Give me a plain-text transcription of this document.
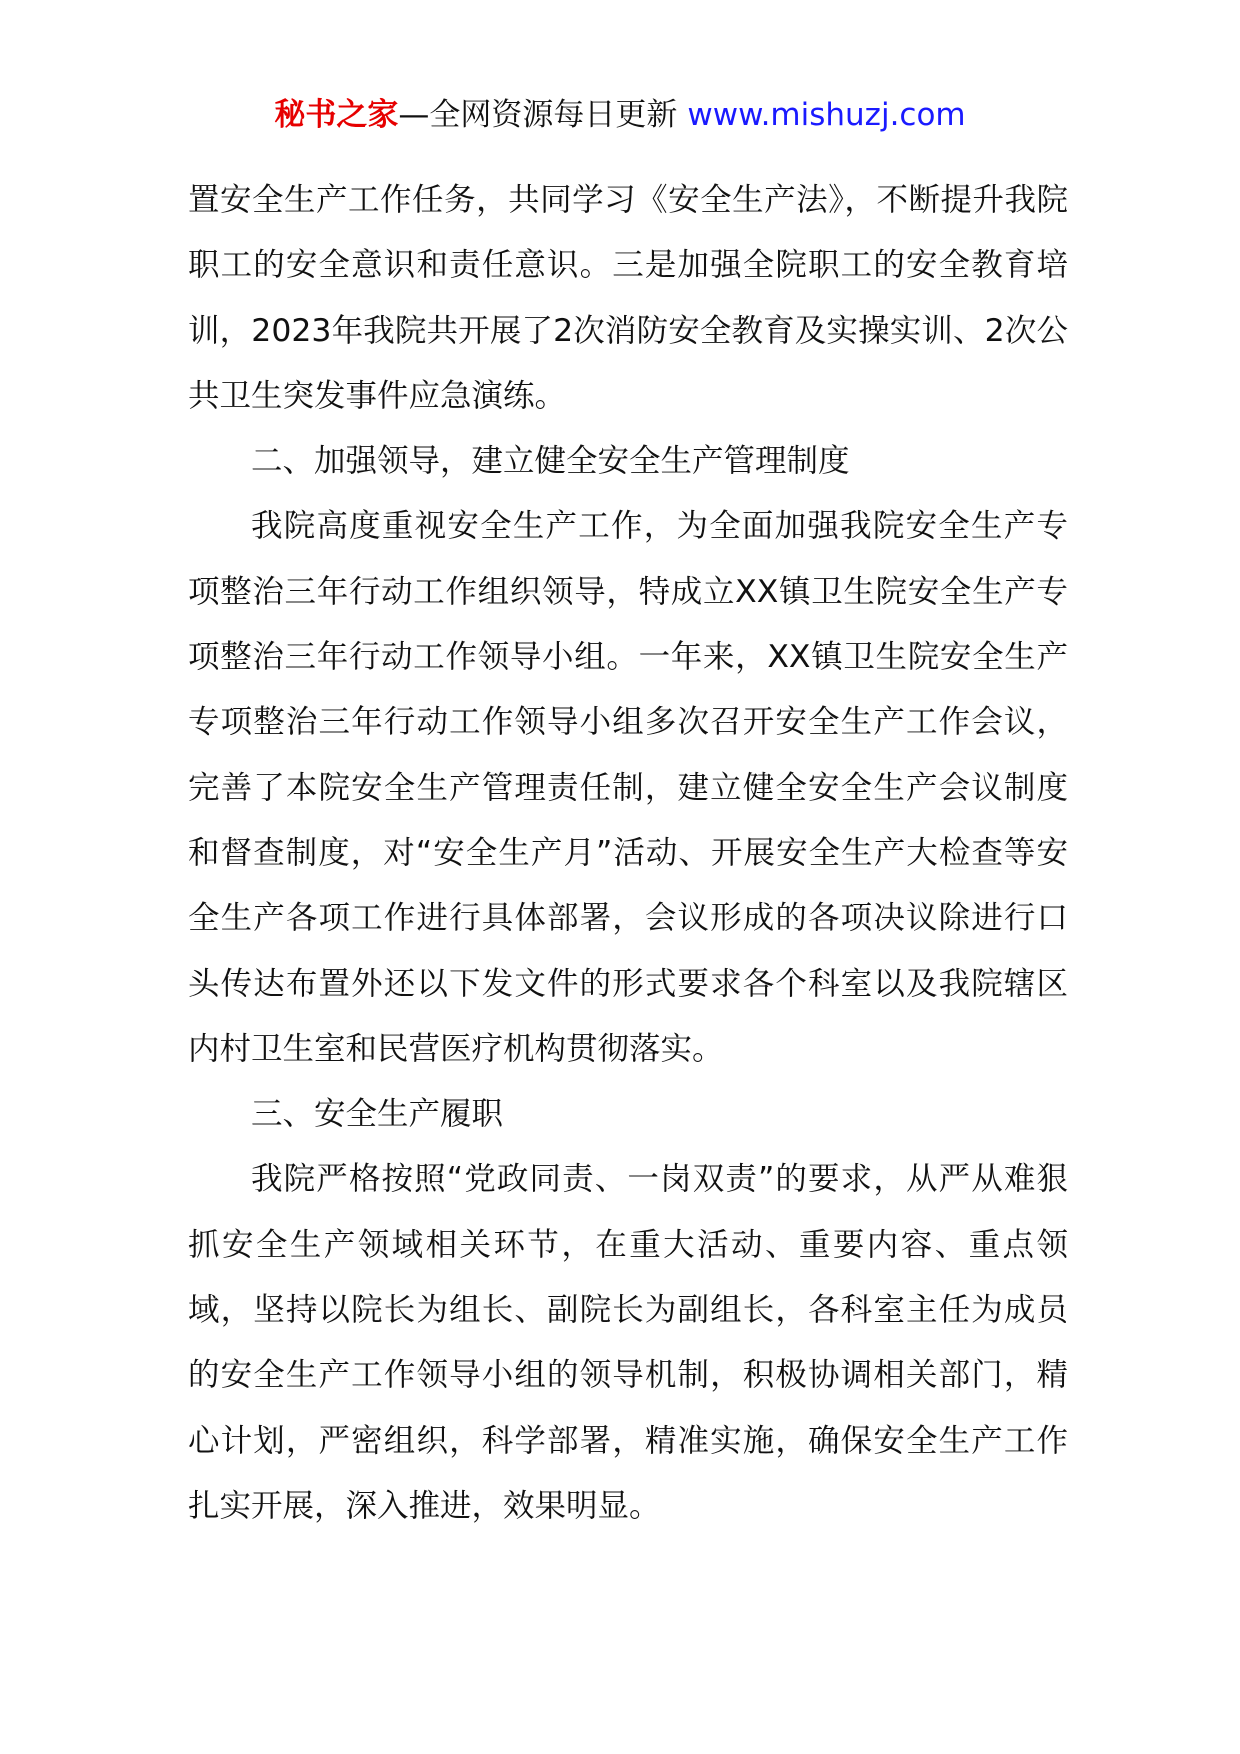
秘书之家—全网资源每日更新 www.mishuzj.com

置安全生产工作任务，共同学习《安全生产法》，不断提升我院职工的安全意识和责任意识。三是加强全院职工的安全教育培训，2023年我院共开展了2次消防安全教育及实操实训、2次公共卫生突发事件应急演练。

二、加强领导，建立健全安全生产管理制度

我院高度重视安全生产工作，为全面加强我院安全生产专项整治三年行动工作组织领导，特成立XX镇卫生院安全生产专项整治三年行动工作领导小组。一年来，XX镇卫生院安全生产专项整治三年行动工作领导小组多次召开安全生产工作会议，完善了本院安全生产管理责任制，建立健全安全生产会议制度和督查制度，对“安全生产月”活动、开展安全生产大检查等安全生产各项工作进行具体部署，会议形成的各项决议除进行口头传达布置外还以下发文件的形式要求各个科室以及我院辖区内村卫生室和民营医疗机构贯彻落实。

三、安全生产履职

我院严格按照“党政同责、一岗双责”的要求，从严从难狠抓安全生产领域相关环节，在重大活动、重要内容、重点领域，坚持以院长为组长、副院长为副组长，各科室主任为成员的安全生产工作领导小组的领导机制，积极协调相关部门，精心计划，严密组织，科学部署，精准实施，确保安全生产工作扎实开展，深入推进，效果明显。
